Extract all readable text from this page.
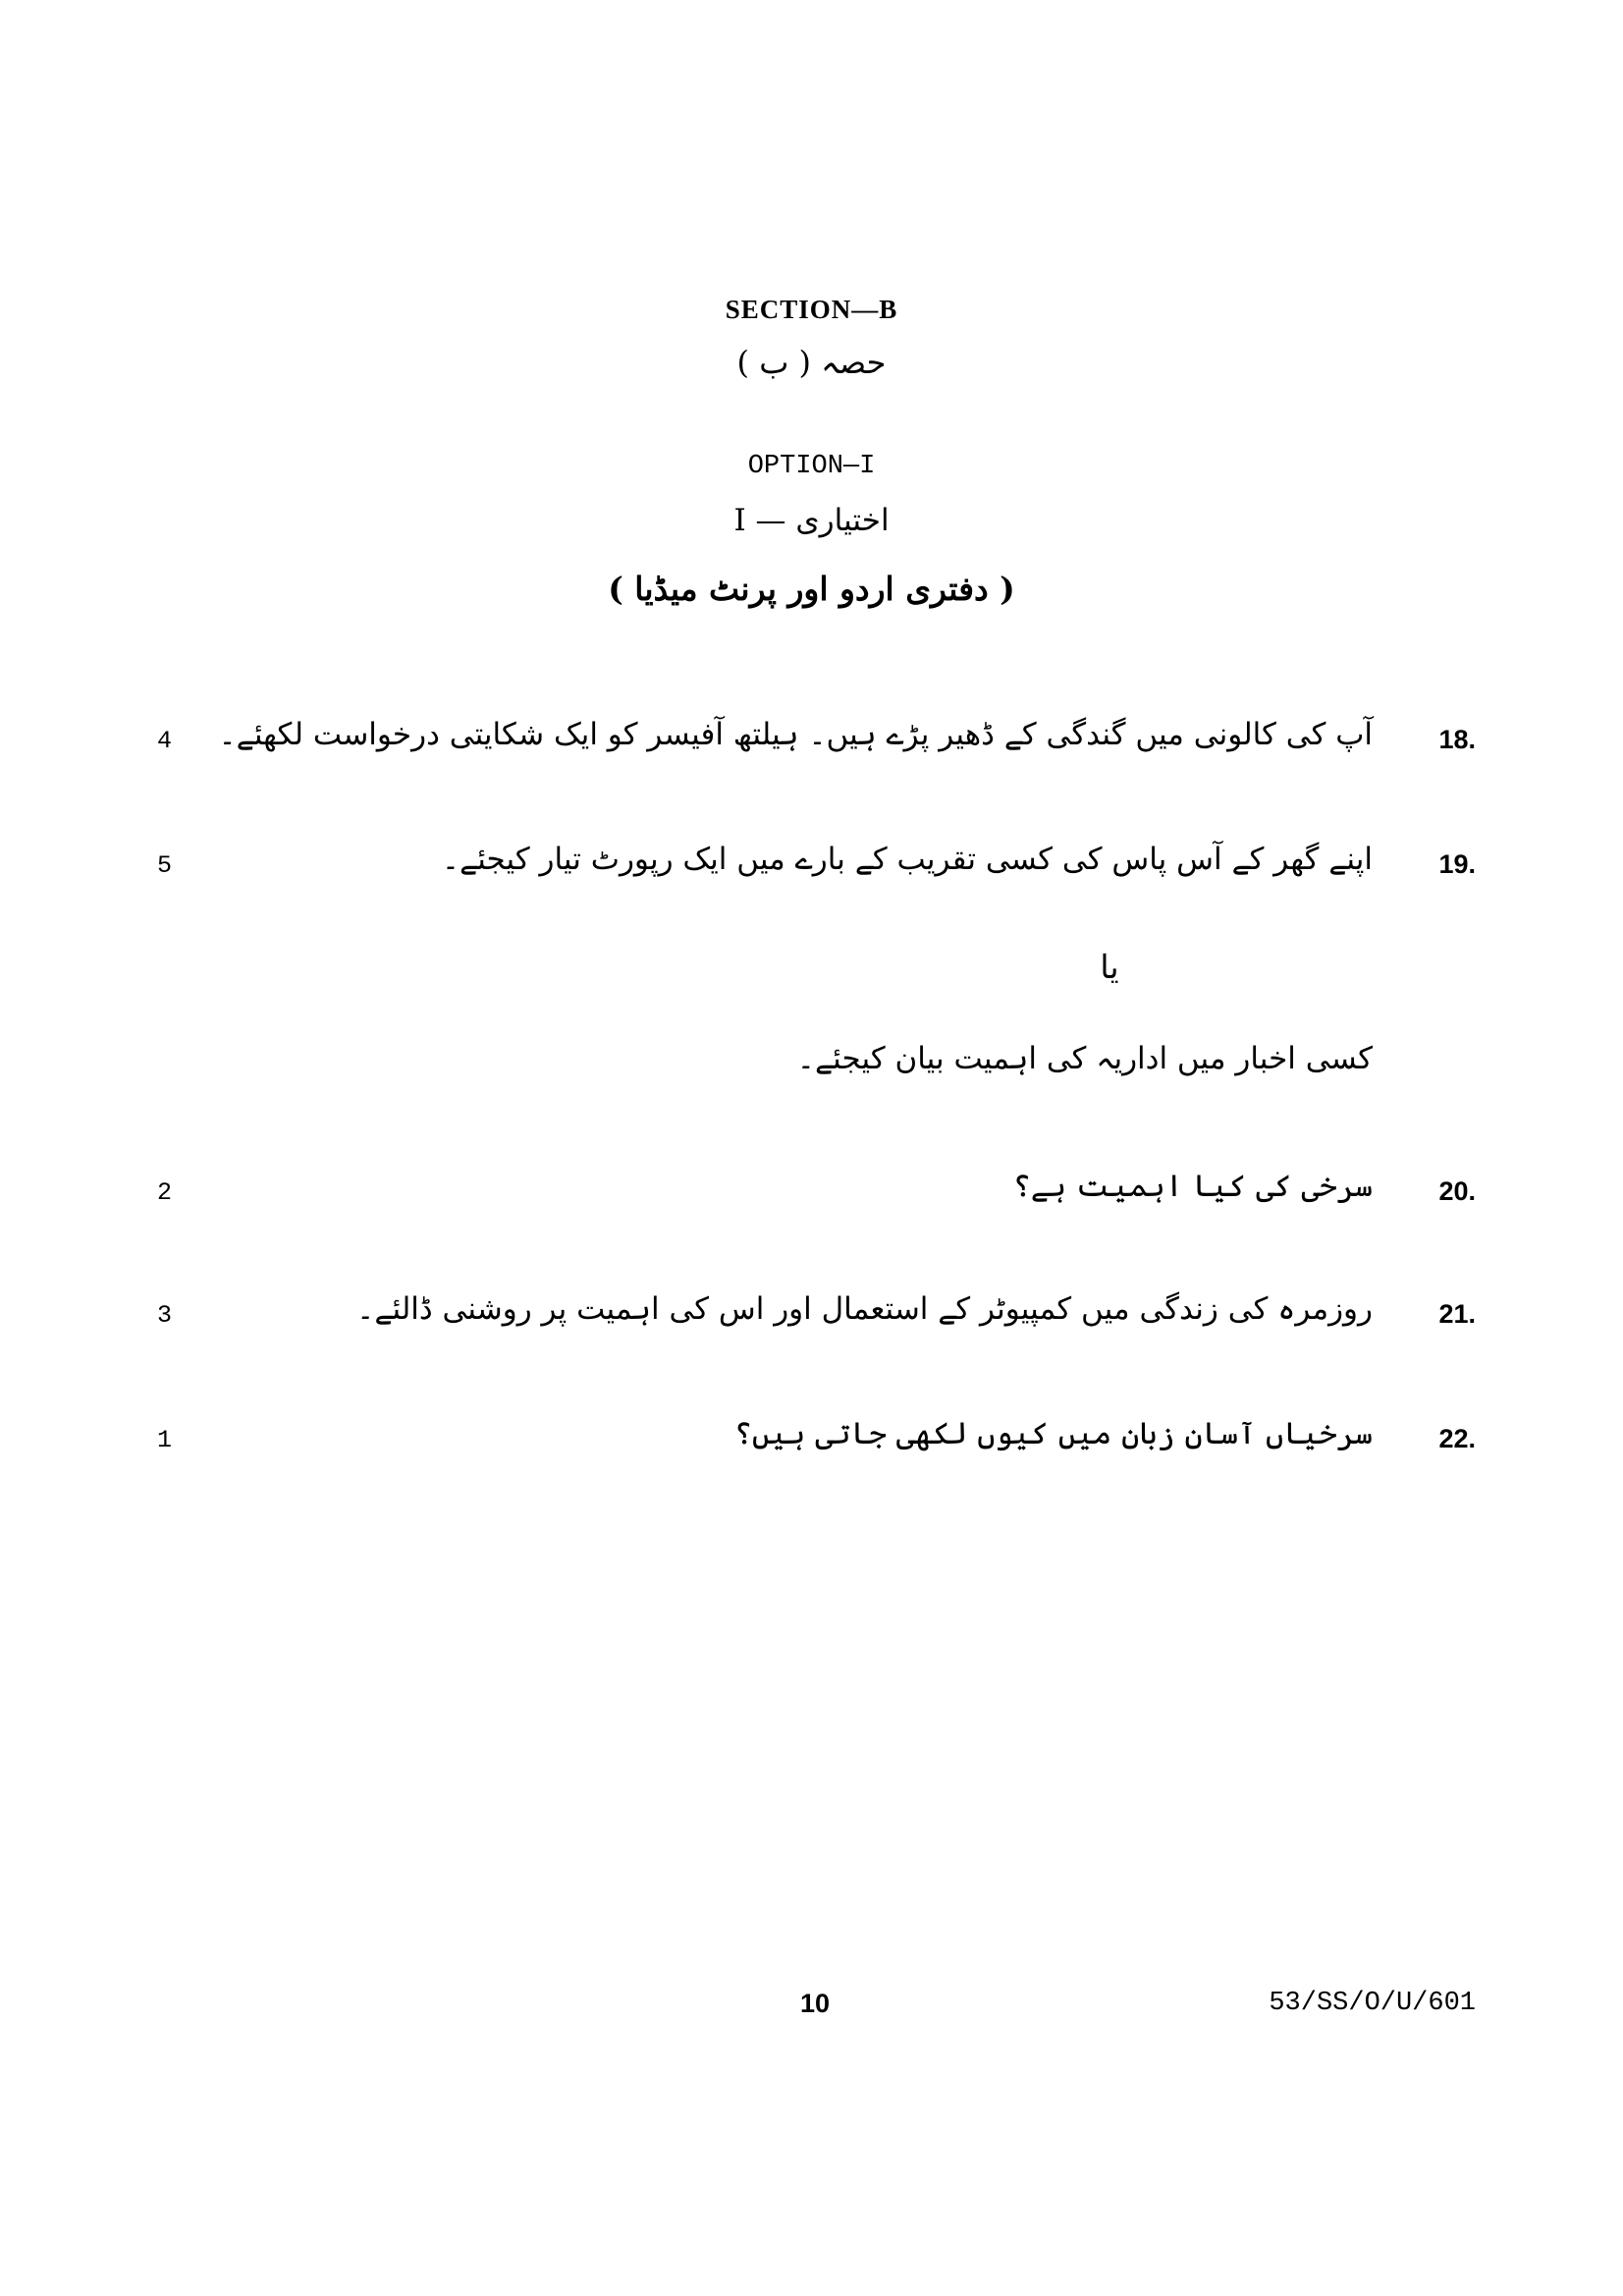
SECTION—B
حصہ ( ب )
OPTION—I
اختیاری — I
( دفتری اردو اور پرنٹ میڈیا )
18.
آپ کی کالونی میں گندگی کے ڈھیر پڑے ہیں۔ ہیلتھ آفیسر کو ایک شکایتی درخواست لکھئے۔
4
19.
اپنے گھر کے آس پاس کی کسی تقریب کے بارے میں ایک رپورٹ تیار کیجئے۔
5
یا
کسی اخبار میں اداریہ کی اہمیت بیان کیجئے۔
20.
سرخی کی کیا اہمیت ہے؟
2
21.
روزمرہ کی زندگی میں کمپیوٹر کے استعمال اور اس کی اہمیت پر روشنی ڈالئے۔
3
22.
سرخیاں آسان زبان میں کیوں لکھی جاتی ہیں؟
1
10	53/SS/O/U/601
